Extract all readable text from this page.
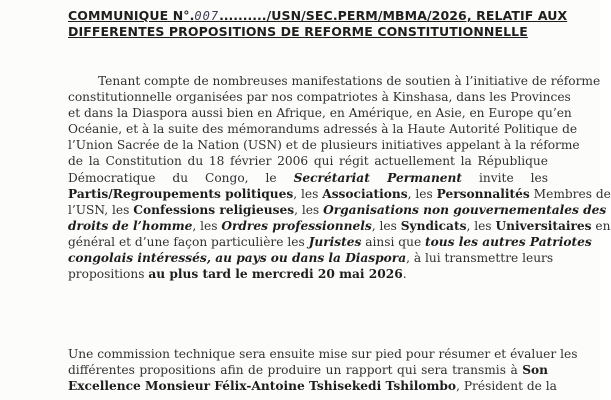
COMMUNIQUE N°.007........../USN/SEC.PERM/MBMA/2026, RELATIF AUX
DIFFERENTES PROPOSITIONS DE REFORME CONSTITUTIONNELLE
Tenant compte de nombreuses manifestations de soutien à l’initiative de réforme
constitutionnelle organisées par nos compatriotes à Kinshasa, dans les Provinces
et dans la Diaspora aussi bien en Afrique, en Amérique, en Asie, en Europe qu’en
Océanie, et à la suite des mémorandums adressés à la Haute Autorité Politique de
l’Union Sacrée de la Nation (USN) et de plusieurs initiatives appelant à la réforme
de la Constitution du 18 février 2006 qui régit actuellement la République
Démocratique du Congo, le Secrétariat Permanent invite les
Partis/Regroupements politiques, les Associations, les Personnalités Membres de
l’USN, les Confessions religieuses, les Organisations non gouvernementales des
droits de l’homme, les Ordres professionnels, les Syndicats, les Universitaires en
général et d’une façon particulière les Juristes ainsi que tous les autres Patriotes
congolais intéressés, au pays ou dans la Diaspora, à lui transmettre leurs
propositions au plus tard le mercredi 20 mai 2026.
Une commission technique sera ensuite mise sur pied pour résumer et évaluer les
différentes propositions afin de produire un rapport qui sera transmis à Son
Excellence Monsieur Félix-Antoine Tshisekedi Tshilombo, Président de la
